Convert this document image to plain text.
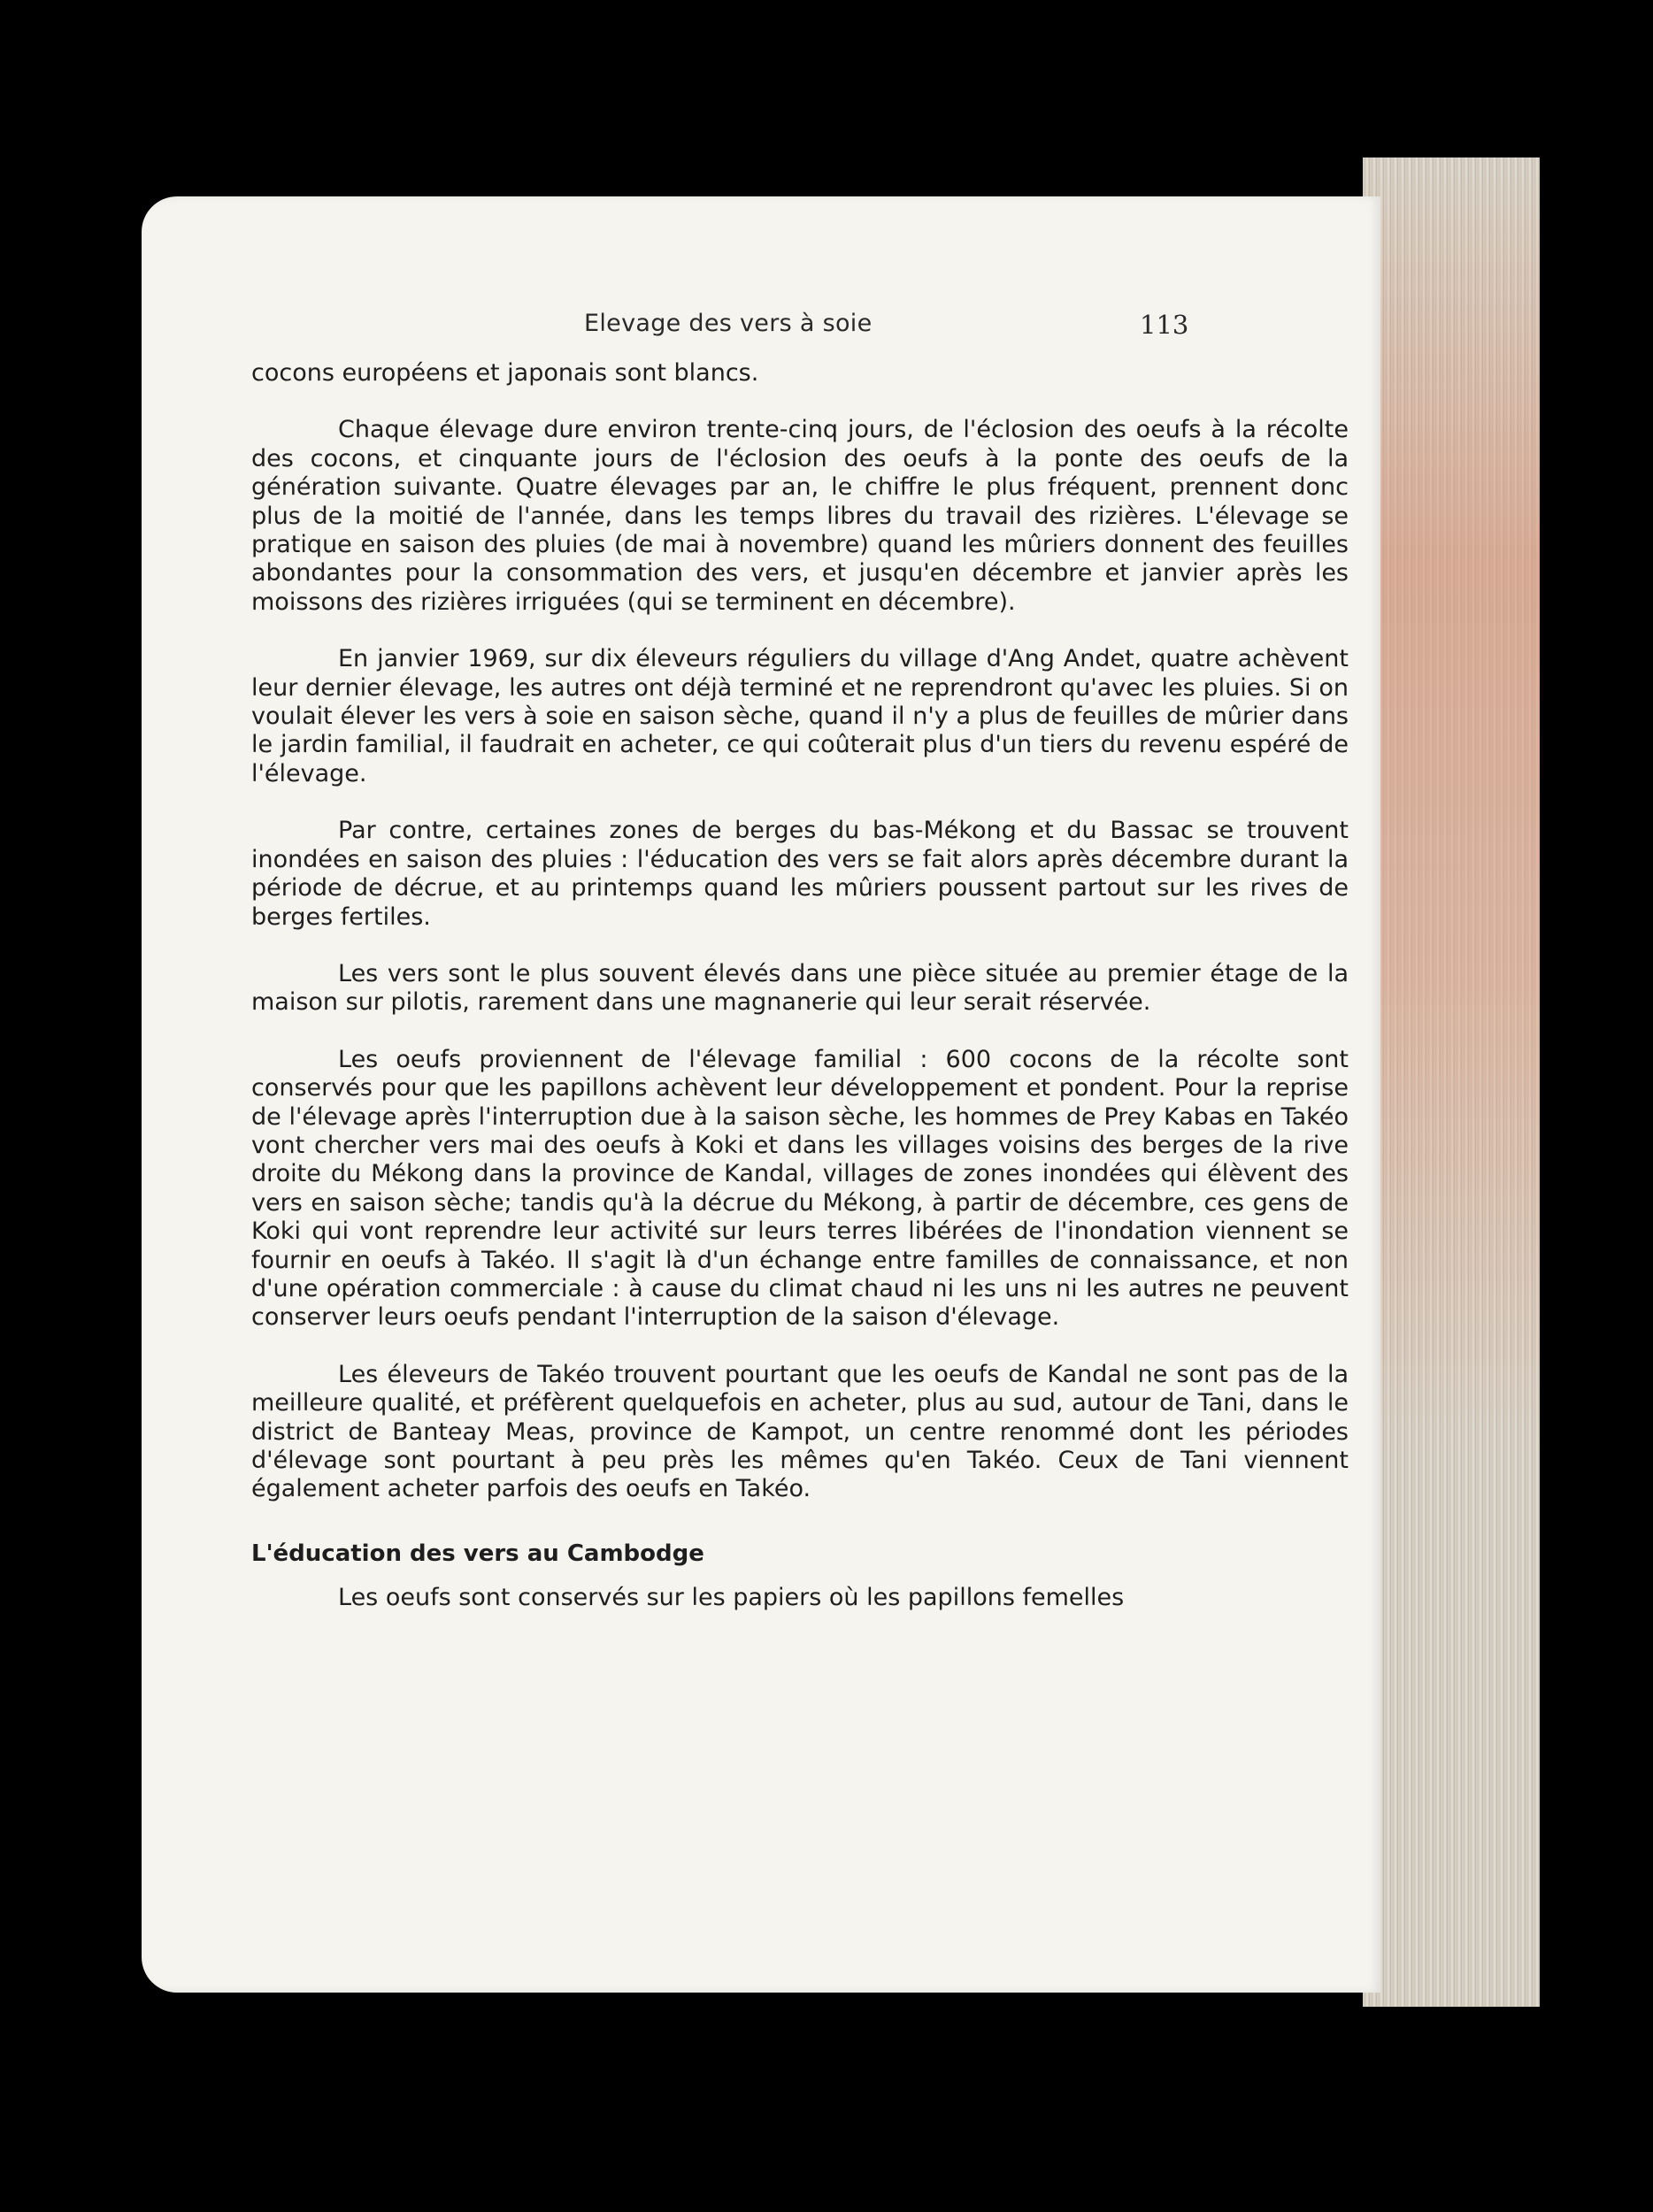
Elevage des vers à soie	113

cocons européens et japonais sont blancs.

Chaque élevage dure environ trente-cinq jours, de l'éclosion des oeufs à la récolte des cocons, et cinquante jours de l'éclosion des oeufs à la ponte des oeufs de la génération suivante. Quatre élevages par an, le chiffre le plus fréquent, prennent donc plus de la moitié de l'année, dans les temps libres du travail des rizières. L'élevage se pratique en saison des pluies (de mai à novembre) quand les mûriers donnent des feuilles abondantes pour la consommation des vers, et jusqu'en décembre et janvier après les moissons des rizières irriguées (qui se terminent en décembre).

En janvier 1969, sur dix éleveurs réguliers du village d'Ang Andet, quatre achèvent leur dernier élevage, les autres ont déjà terminé et ne reprendront qu'avec les pluies. Si on voulait élever les vers à soie en saison sèche, quand il n'y a plus de feuilles de mûrier dans le jardin familial, il faudrait en acheter, ce qui coûterait plus d'un tiers du revenu espéré de l'élevage.

Par contre, certaines zones de berges du bas-Mékong et du Bassac se trouvent inondées en saison des pluies : l'éducation des vers se fait alors après décembre durant la période de décrue, et au printemps quand les mûriers poussent partout sur les rives de berges fertiles.

Les vers sont le plus souvent élevés dans une pièce située au premier étage de la maison sur pilotis, rarement dans une magnanerie qui leur serait réservée.

Les oeufs proviennent de l'élevage familial : 600 cocons de la récolte sont conservés pour que les papillons achèvent leur développement et pondent. Pour la reprise de l'élevage après l'interruption due à la saison sèche, les hommes de Prey Kabas en Takéo vont chercher vers mai des oeufs à Koki et dans les villages voisins des berges de la rive droite du Mékong dans la province de Kandal, villages de zones inondées qui élèvent des vers en saison sèche; tandis qu'à la décrue du Mékong, à partir de décembre, ces gens de Koki qui vont reprendre leur activité sur leurs terres libérées de l'inondation viennent se fournir en oeufs à Takéo. Il s'agit là d'un échange entre familles de connaissance, et non d'une opération commerciale : à cause du climat chaud ni les uns ni les autres ne peuvent conserver leurs oeufs pendant l'interruption de la saison d'élevage.

Les éleveurs de Takéo trouvent pourtant que les oeufs de Kandal ne sont pas de la meilleure qualité, et préfèrent quelquefois en acheter, plus au sud, autour de Tani, dans le district de Banteay Meas, province de Kampot, un centre renommé dont les périodes d'élevage sont pourtant à peu près les mêmes qu'en Takéo. Ceux de Tani viennent également acheter parfois des oeufs en Takéo.

L'éducation des vers au Cambodge

Les oeufs sont conservés sur les papiers où les papillons femelles
